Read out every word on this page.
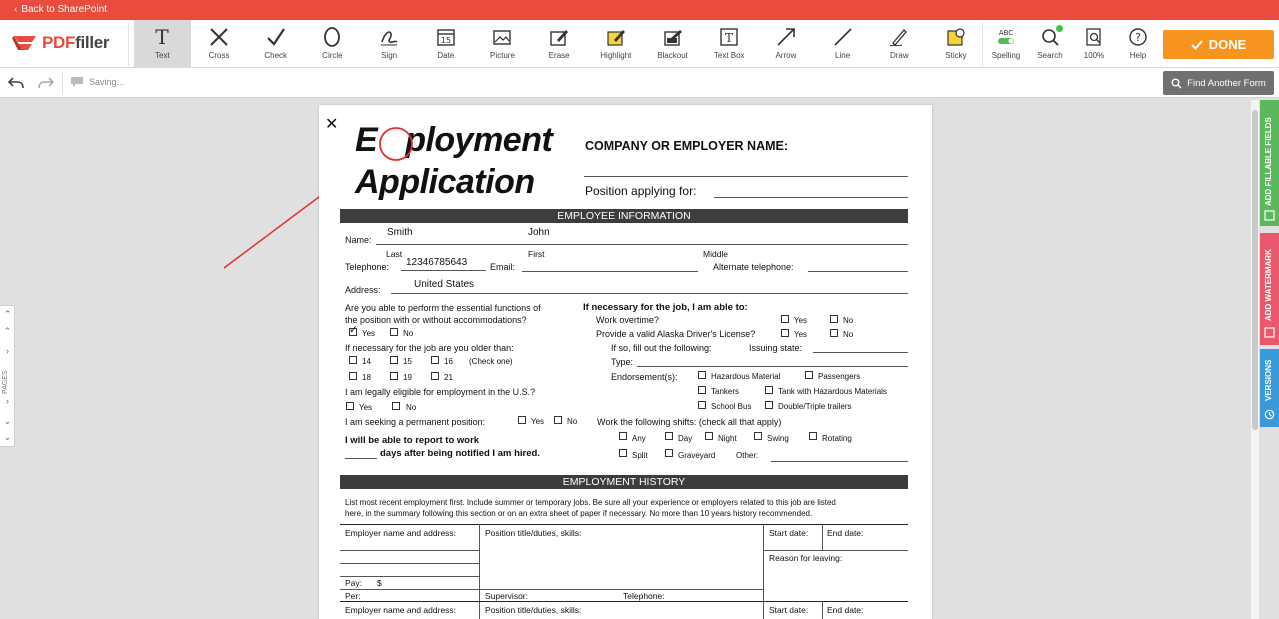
‹ Back to SharePoint
PDFfiller T
Text	Cross	Check	Circle	Sign
15
Date	Picture	Erase	Highlight	Blackout
T
Text Box	Arrow	Line	Draw	Sticky
ABC
Spelling Search	100%
?
Help
DONE
Saving...	Find Another Form
⌃
⌃
›
PAGES
›
⌄
⌄
ADD FILLABLE FIELDS
ADD WATERMARK
VERSIONS
✕ E ployment
Application
COMPANY OR EMPLOYER NAME:
Position applying for:
EMPLOYEE INFORMATION
Name:
Smith	John
Last	First	Middle
Telephone: 12346785643	Email:	Alternate telephone:
Address:	United States
Are you able to perform the essential functions of
the position with or without accommodations?
✓ Yes	No
If necessary for the job are you older than:
14	15	16 (Check one)
18	19	21
I am legally eligible for employment in the U.S.?
Yes	No
I am seeking a permanent position:	Yes	No
I will be able to report to work
days after being notified I am hired.
If necessary for the job, I am able to:
Work overtime?	Yes	No
Provide a valid Alaska Driver's License?	Yes	No
If so, fill out the following:	Issuing state:
Type:
Endorsement(s):	Hazardous Material	Passengers
Tankers	Tank with Hazardous Materials
School Bus	Double/Triple trailers
Work the following shifts: (check all that apply)
Any	Day	Night	Swing	Rotating
Split	Graveyard	Other:
EMPLOYMENT HISTORY
List most recent employment first. Include summer or temporary jobs. Be sure all your experience or employers related to this job are listed
here, in the summary following this section or on an extra sheet of paper if necessary. No more than 10 years history recommended.
Employer name and address:	Position title/duties, skills:	Start date: End date:
Reason for leaving:
Pay: $
Per:	Supervisor:	Telephone:
Employer name and address:	Position title/duties, skills:	Start date: End date:
